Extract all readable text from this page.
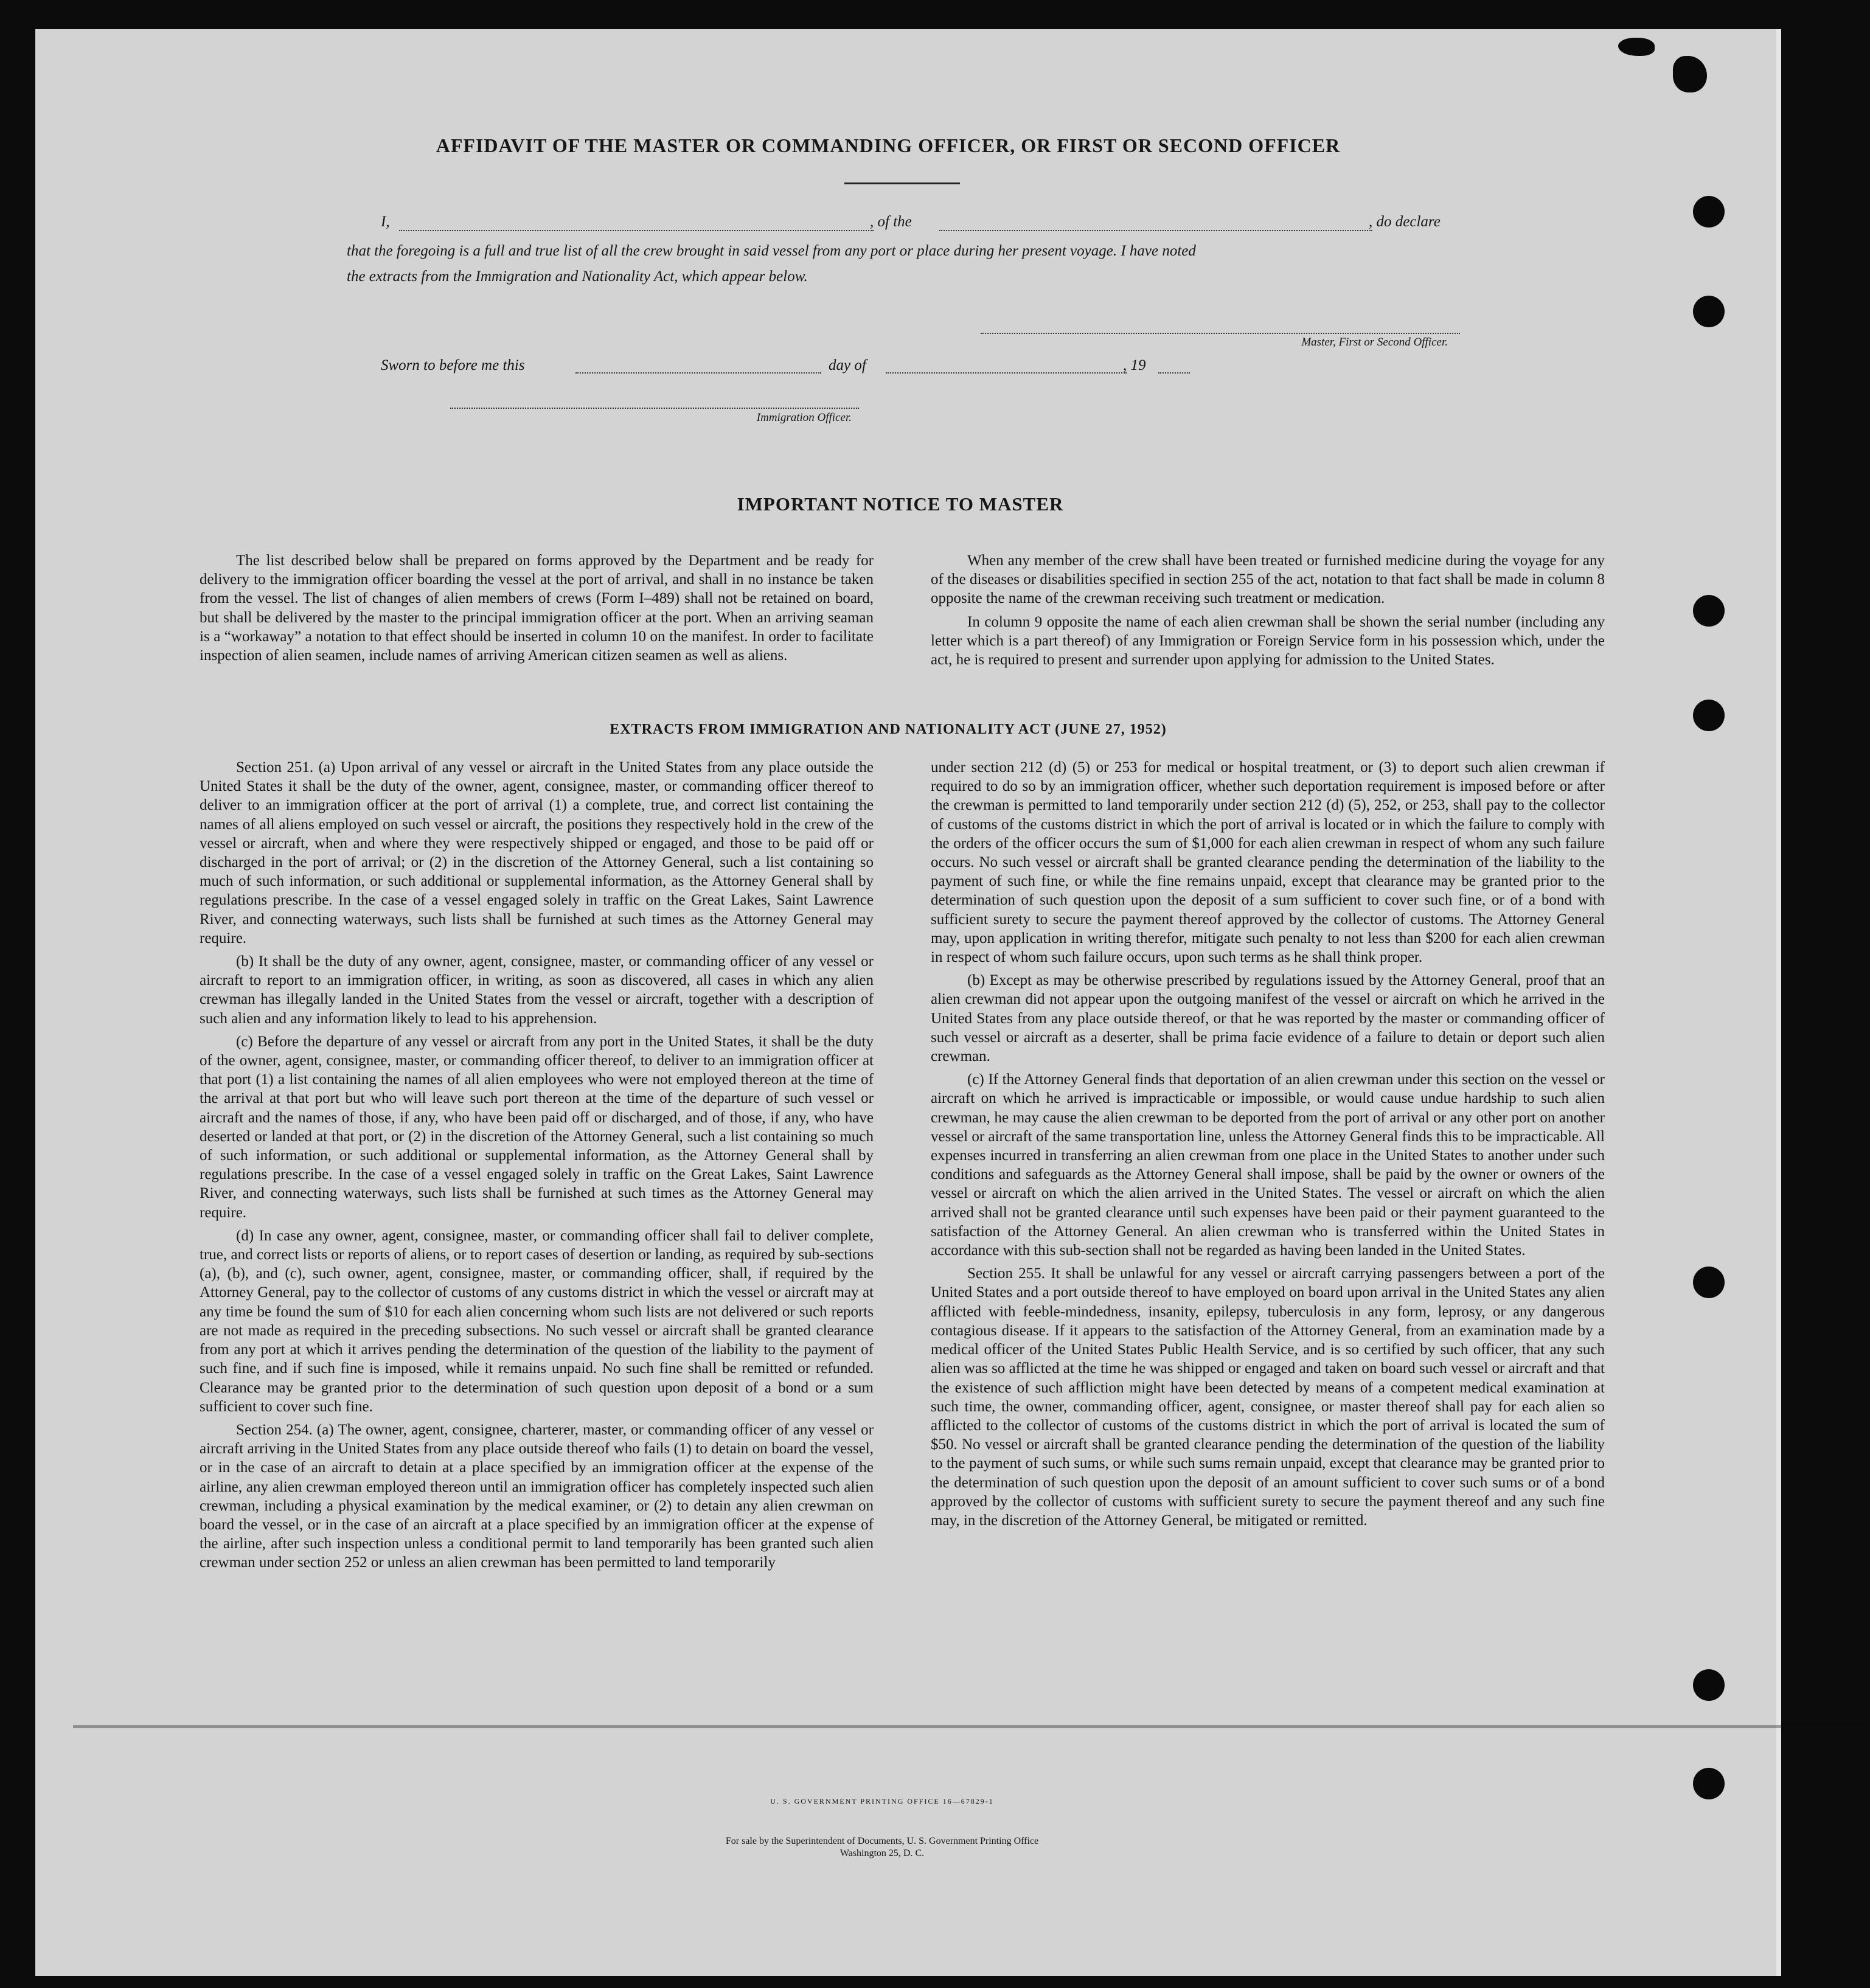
AFFIDAVIT OF THE MASTER OR COMMANDING OFFICER, OR FIRST OR SECOND OFFICER
I,	, of the	, do declare
that the foregoing is a full and true list of all the crew brought in said vessel from any port or place during her present voyage. I have noted
the extracts from the Immigration and Nationality Act, which appear below.
Master, First or Second Officer.
Sworn to before me this	day of	, 19
Immigration Officer.
IMPORTANT NOTICE TO MASTER

The list described below shall be prepared on forms approved by the Department and be ready for delivery to the immigration officer boarding the vessel at the port of arrival, and shall in no instance be taken from the vessel. The list of changes of alien members of crews (Form I–489) shall not be retained on board, but shall be delivered by the master to the principal immigration officer at the port. When an arriving seaman is a “workaway” a notation to that effect should be inserted in column 10 on the manifest. In order to facilitate inspection of alien seamen, include names of arriving American citizen seamen as well as aliens.

When any member of the crew shall have been treated or furnished medicine during the voyage for any of the diseases or disabilities specified in section 255 of the act, notation to that fact shall be made in column 8 opposite the name of the crewman receiving such treatment or medication.

In column 9 opposite the name of each alien crewman shall be shown the serial number (including any letter which is a part thereof) of any Immigration or Foreign Service form in his possession which, under the act, he is required to present and surrender upon applying for admission to the United States.

EXTRACTS FROM IMMIGRATION AND NATIONALITY ACT (JUNE 27, 1952)

Section 251. (a) Upon arrival of any vessel or aircraft in the United States from any place outside the United States it shall be the duty of the owner, agent, consignee, master, or commanding officer thereof to deliver to an immigration officer at the port of arrival (1) a complete, true, and correct list containing the names of all aliens employed on such vessel or aircraft, the positions they respectively hold in the crew of the vessel or aircraft, when and where they were respectively shipped or engaged, and those to be paid off or discharged in the port of arrival; or (2) in the discretion of the Attorney General, such a list containing so much of such information, or such additional or supplemental information, as the Attorney General shall by regulations prescribe. In the case of a vessel engaged solely in traffic on the Great Lakes, Saint Lawrence River, and connecting waterways, such lists shall be furnished at such times as the Attorney General may require.

(b) It shall be the duty of any owner, agent, consignee, master, or commanding officer of any vessel or aircraft to report to an immigration officer, in writing, as soon as discovered, all cases in which any alien crewman has illegally landed in the United States from the vessel or aircraft, together with a description of such alien and any information likely to lead to his apprehension.

(c) Before the departure of any vessel or aircraft from any port in the United States, it shall be the duty of the owner, agent, consignee, master, or commanding officer thereof, to deliver to an immigration officer at that port (1) a list containing the names of all alien employees who were not employed thereon at the time of the arrival at that port but who will leave such port thereon at the time of the departure of such vessel or aircraft and the names of those, if any, who have been paid off or discharged, and of those, if any, who have deserted or landed at that port, or (2) in the discretion of the Attorney General, such a list containing so much of such information, or such additional or supplemental information, as the Attorney General shall by regulations prescribe. In the case of a vessel engaged solely in traffic on the Great Lakes, Saint Lawrence River, and connecting waterways, such lists shall be furnished at such times as the Attorney General may require.

(d) In case any owner, agent, consignee, master, or commanding officer shall fail to deliver complete, true, and correct lists or reports of aliens, or to report cases of desertion or landing, as required by sub-sections (a), (b), and (c), such owner, agent, consignee, master, or commanding officer, shall, if required by the Attorney General, pay to the collector of customs of any customs district in which the vessel or aircraft may at any time be found the sum of $10 for each alien concerning whom such lists are not delivered or such reports are not made as required in the preceding subsections. No such vessel or aircraft shall be granted clearance from any port at which it arrives pending the determination of the question of the liability to the payment of such fine, and if such fine is imposed, while it remains unpaid. No such fine shall be remitted or refunded. Clearance may be granted prior to the determination of such question upon deposit of a bond or a sum sufficient to cover such fine.

Section 254. (a) The owner, agent, consignee, charterer, master, or commanding officer of any vessel or aircraft arriving in the United States from any place outside thereof who fails (1) to detain on board the vessel, or in the case of an aircraft to detain at a place specified by an immigration officer at the expense of the airline, any alien crewman employed thereon until an immigration officer has completely inspected such alien crewman, including a physical examination by the medical examiner, or (2) to detain any alien crewman on board the vessel, or in the case of an aircraft at a place specified by an immigration officer at the expense of the airline, after such inspection unless a conditional permit to land temporarily has been granted such alien crewman under section 252 or unless an alien crewman has been permitted to land temporarily

under section 212 (d) (5) or 253 for medical or hospital treatment, or (3) to deport such alien crewman if required to do so by an immigration officer, whether such deportation requirement is imposed before or after the crewman is permitted to land temporarily under section 212 (d) (5), 252, or 253, shall pay to the collector of customs of the customs district in which the port of arrival is located or in which the failure to comply with the orders of the officer occurs the sum of $1,000 for each alien crewman in respect of whom any such failure occurs. No such vessel or aircraft shall be granted clearance pending the determination of the liability to the payment of such fine, or while the fine remains unpaid, except that clearance may be granted prior to the determination of such question upon the deposit of a sum sufficient to cover such fine, or of a bond with sufficient surety to secure the payment thereof approved by the collector of customs. The Attorney General may, upon application in writing therefor, mitigate such penalty to not less than $200 for each alien crewman in respect of whom such failure occurs, upon such terms as he shall think proper.

(b) Except as may be otherwise prescribed by regulations issued by the Attorney General, proof that an alien crewman did not appear upon the outgoing manifest of the vessel or aircraft on which he arrived in the United States from any place outside thereof, or that he was reported by the master or commanding officer of such vessel or aircraft as a deserter, shall be prima facie evidence of a failure to detain or deport such alien crewman.

(c) If the Attorney General finds that deportation of an alien crewman under this section on the vessel or aircraft on which he arrived is impracticable or impossible, or would cause undue hardship to such alien crewman, he may cause the alien crewman to be deported from the port of arrival or any other port on another vessel or aircraft of the same transportation line, unless the Attorney General finds this to be impracticable. All expenses incurred in transferring an alien crewman from one place in the United States to another under such conditions and safeguards as the Attorney General shall impose, shall be paid by the owner or owners of the vessel or aircraft on which the alien arrived in the United States. The vessel or aircraft on which the alien arrived shall not be granted clearance until such expenses have been paid or their payment guaranteed to the satisfaction of the Attorney General. An alien crewman who is transferred within the United States in accordance with this sub-section shall not be regarded as having been landed in the United States.

Section 255. It shall be unlawful for any vessel or aircraft carrying passengers between a port of the United States and a port outside thereof to have employed on board upon arrival in the United States any alien afflicted with feeble-mindedness, insanity, epilepsy, tuberculosis in any form, leprosy, or any dangerous contagious disease. If it appears to the satisfaction of the Attorney General, from an examination made by a medical officer of the United States Public Health Service, and is so certified by such officer, that any such alien was so afflicted at the time he was shipped or engaged and taken on board such vessel or aircraft and that the existence of such affliction might have been detected by means of a competent medical examination at such time, the owner, commanding officer, agent, consignee, or master thereof shall pay for each alien so afflicted to the collector of customs of the customs district in which the port of arrival is located the sum of $50. No vessel or aircraft shall be granted clearance pending the determination of the question of the liability to the payment of such sums, or while such sums remain unpaid, except that clearance may be granted prior to the determination of such question upon the deposit of an amount sufficient to cover such sums or of a bond approved by the collector of customs with sufficient surety to secure the payment thereof and any such fine may, in the discretion of the Attorney General, be mitigated or remitted.

U. S. GOVERNMENT PRINTING OFFICE 16—67829-1
For sale by the Superintendent of Documents, U. S. Government Printing Office
Washington 25, D. C.
